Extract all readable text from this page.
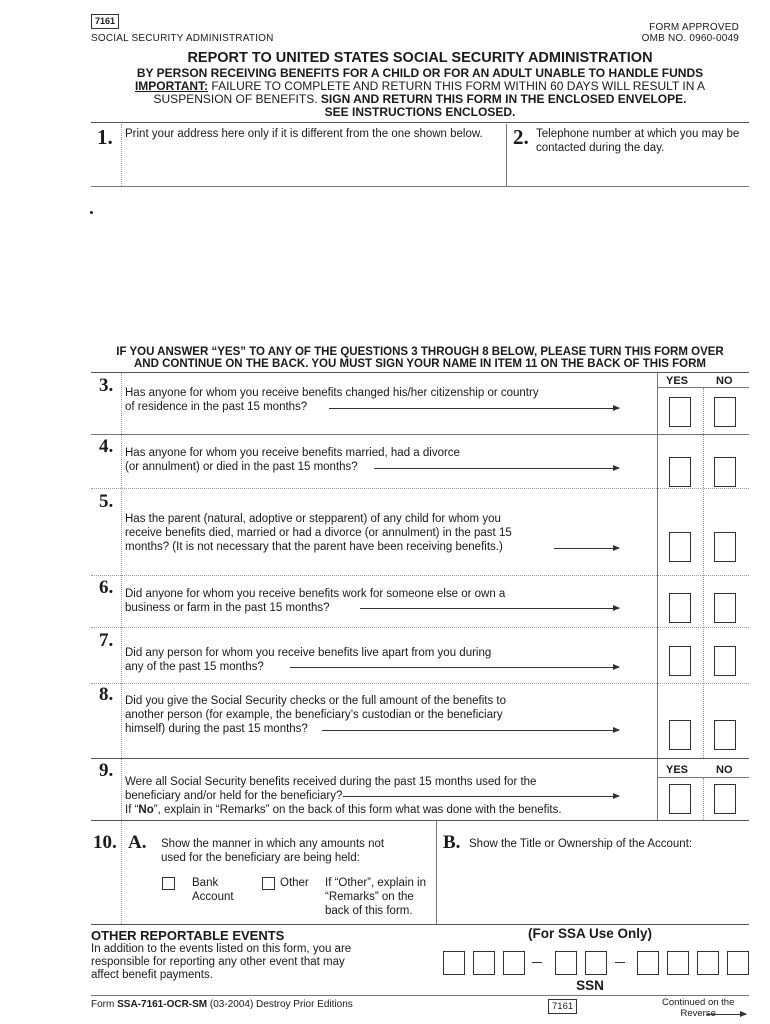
7161
SOCIAL SECURITY ADMINISTRATION
FORM APPROVED
OMB NO. 0960-0049
REPORT TO UNITED STATES SOCIAL SECURITY ADMINISTRATION
BY PERSON RECEIVING BENEFITS FOR A CHILD OR FOR AN ADULT UNABLE TO HANDLE FUNDS
IMPORTANT: FAILURE TO COMPLETE AND RETURN THIS FORM WITHIN 60 DAYS WILL RESULT IN A
SUSPENSION OF BENEFITS. SIGN AND RETURN THIS FORM IN THE ENCLOSED ENVELOPE.
SEE INSTRUCTIONS ENCLOSED.
1. Print your address here only if it is different from the one shown below.	2. Telephone number at which you may be
contacted during the day.
IF YOU ANSWER “YES” TO ANY OF THE QUESTIONS 3 THROUGH 8 BELOW, PLEASE TURN THIS FORM OVER
AND CONTINUE ON THE BACK. YOU MUST SIGN YOUR NAME IN ITEM 11 ON THE BACK OF THIS FORM
YES	NO
3. Has anyone for whom you receive benefits changed his/her citizenship or country
of residence in the past 15 months?
4. Has anyone for whom you receive benefits married, had a divorce
(or annulment) or died in the past 15 months?
5.
Has the parent (natural, adoptive or stepparent) of any child for whom you
receive benefits died, married or had a divorce (or annulment) in the past 15
months? (It is not necessary that the parent have been receiving benefits.)
6. Did anyone for whom you receive benefits work for someone else or own a
business or farm in the past 15 months?
7.
Did any person for whom you receive benefits live apart from you during
any of the past 15 months?
8. Did you give the Social Security checks or the full amount of the benefits to
another person (for example, the beneficiary’s custodian or the beneficiary
himself) during the past 15 months?
9.	YES	NO
Were all Social Security benefits received during the past 15 months used for the
beneficiary and/or held for the beneficiary?
If “No”, explain in “Remarks” on the back of this form what was done with the benefits.
10. A. Show the manner in which any amounts not
used for the beneficiary are being held:
Bank
Account
Other If “Other”, explain in
“Remarks” on the
back of this form.
B. Show the Title or Ownership of the Account:
OTHER REPORTABLE EVENTS
In addition to the events listed on this form, you are
responsible for reporting any other event that may
affect benefit payments.
(For SSA Use Only)
SSN
Form SSA-7161-OCR-SM (03-2004) Destroy Prior Editions	7161	Continued on the
Reverse
